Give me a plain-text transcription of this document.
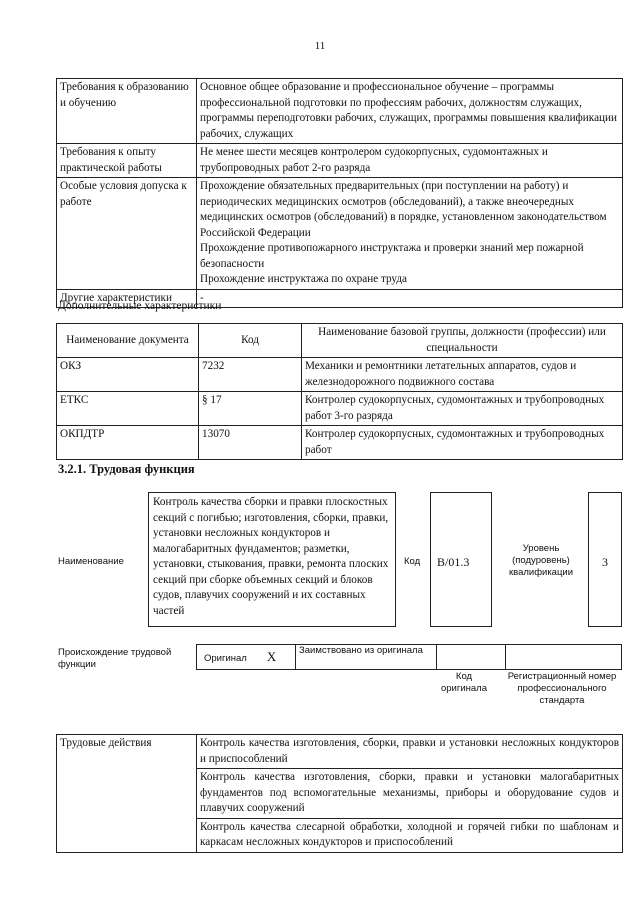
11
Требования к образованию и обучению	Основное общее образование и профессиональное обучение – программы профессиональной подготовки по профессиям рабочих, должностям служащих, программы переподготовки рабочих, служащих, программы повышения квалификации рабочих, служащих

Требования к опыту практической работы	Не менее шести месяцев контролером судокорпусных, судомонтажных и трубопроводных работ 2-го разряда

Особые условия допуска к работе	Прохождение обязательных предварительных (при поступлении на работу) и периодических медицинских осмотров (обследований), а также внеочередных медицинских осмотров (обследований) в порядке, установленном законодательством Российской Федерации
Прохождение противопожарного инструктажа и проверки знаний мер пожарной безопасности
Прохождение инструктажа по охране труда

Другие характеристики	-
Дополнительные характеристики
Наименование документа	Код	Наименование базовой группы, должности (профессии) или специальности
ОКЗ	7232	Механики и ремонтники летательных аппаратов, судов и железнодорожного подвижного состава
ЕТКС	§ 17	Контролер судокорпусных, судомонтажных и трубопроводных работ 3-го разряда
ОКПДТР	13070	Контролер судокорпусных, судомонтажных и трубопроводных работ
3.2.1. Трудовая функция
Наименование
Контроль качества сборки и правки плоскостных секций с погибью; изготовления, сборки, правки, установки несложных кондукторов и малогабаритных фундаментов; разметки, установки, стыкования, правки, ремонта плоских секций при сборке объемных секций и блоков судов, плавучих сооружений и их составных частей
Код	B/01.3
Уровень (подуровень) квалификации
3
Происхождение трудовой функции
Оригинал X	Заимствовано из оригинала		
Код оригинала
Регистрационный номер профессионального стандарта
Трудовые действия	Контроль качества изготовления, сборки, правки и установки несложных кондукторов и приспособлений
Контроль качества изготовления, сборки, правки и установки малогабаритных фундаментов под вспомогательные механизмы, приборы и оборудование судов и плавучих сооружений
Контроль качества слесарной обработки, холодной и горячей гибки по шаблонам и каркасам несложных кондукторов и приспособлений
